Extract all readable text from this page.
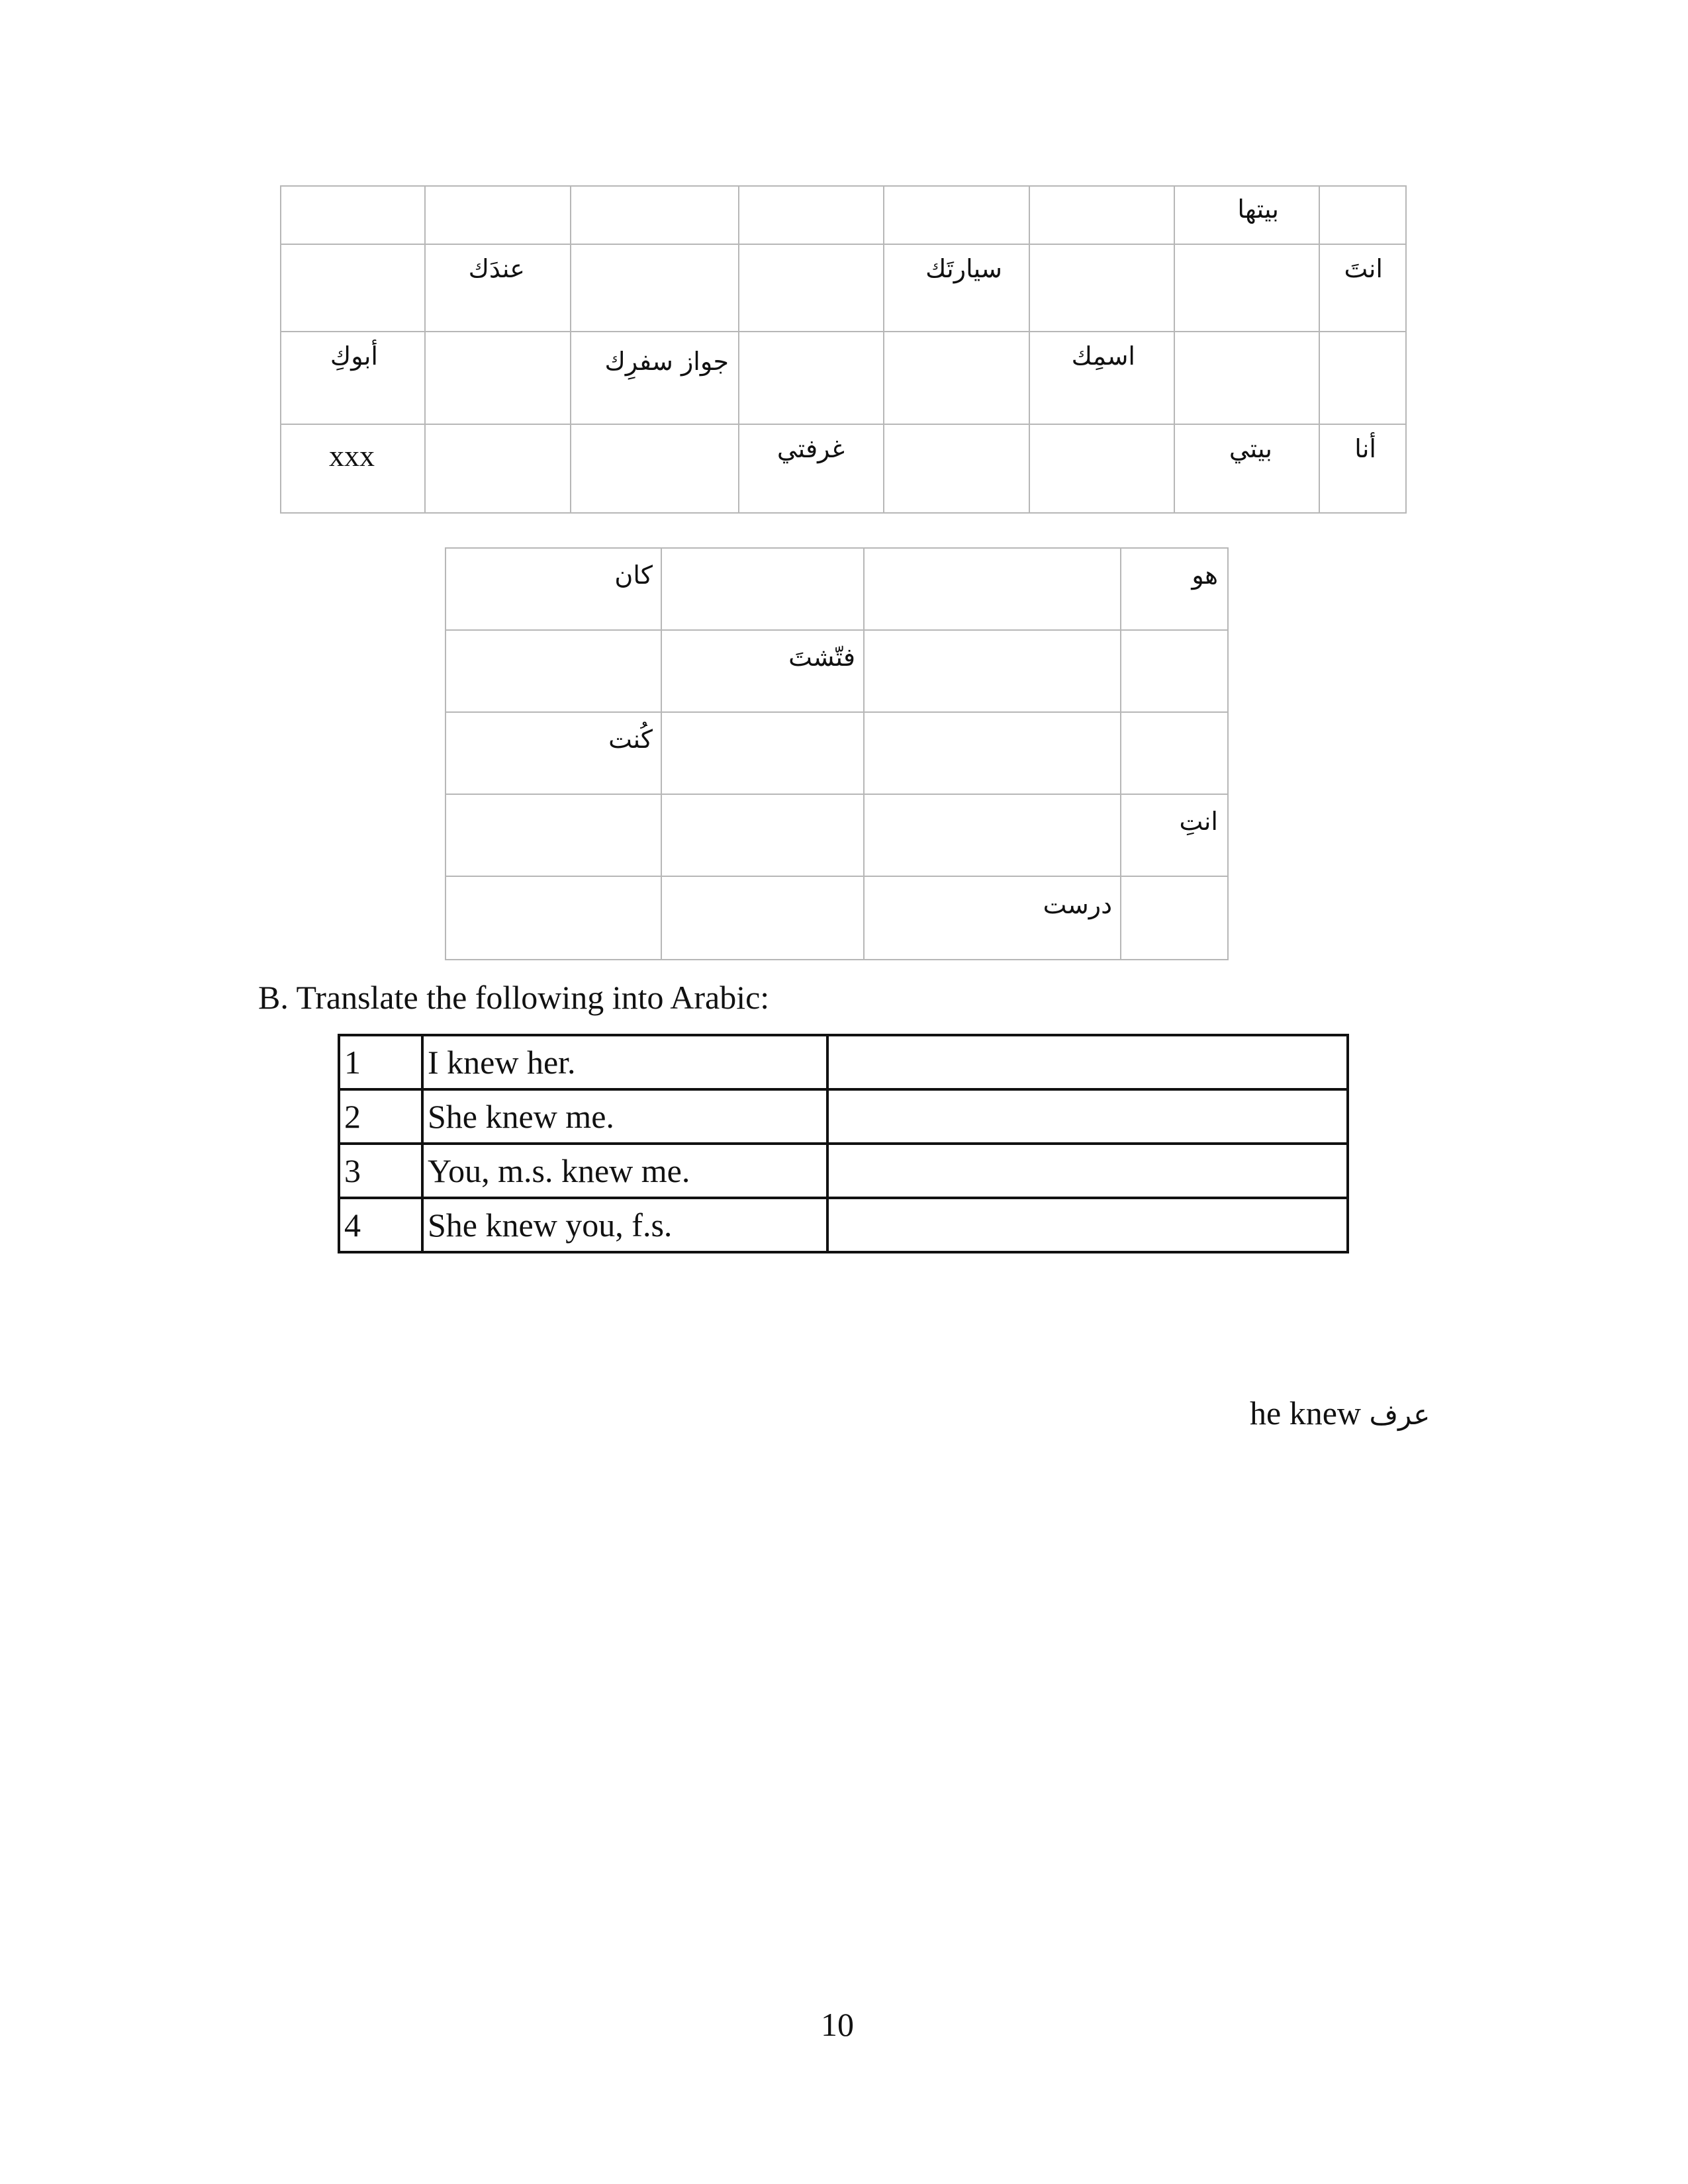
						بيتها	
	عندَك			سيارتَك			انتَ
أبوكِ		جواز سفرِك			اسمِك		
xxx			غرفتي			بيتي	أنا
كان			هو
	فتّشتَ		
كُنت			
			انتِ
		درست	
B. Translate the following into Arabic:
1	I knew her.	
2	She knew me.	
3	You, m.s. knew me.	
4	She knew you, f.s.	
he knew عرف
10
